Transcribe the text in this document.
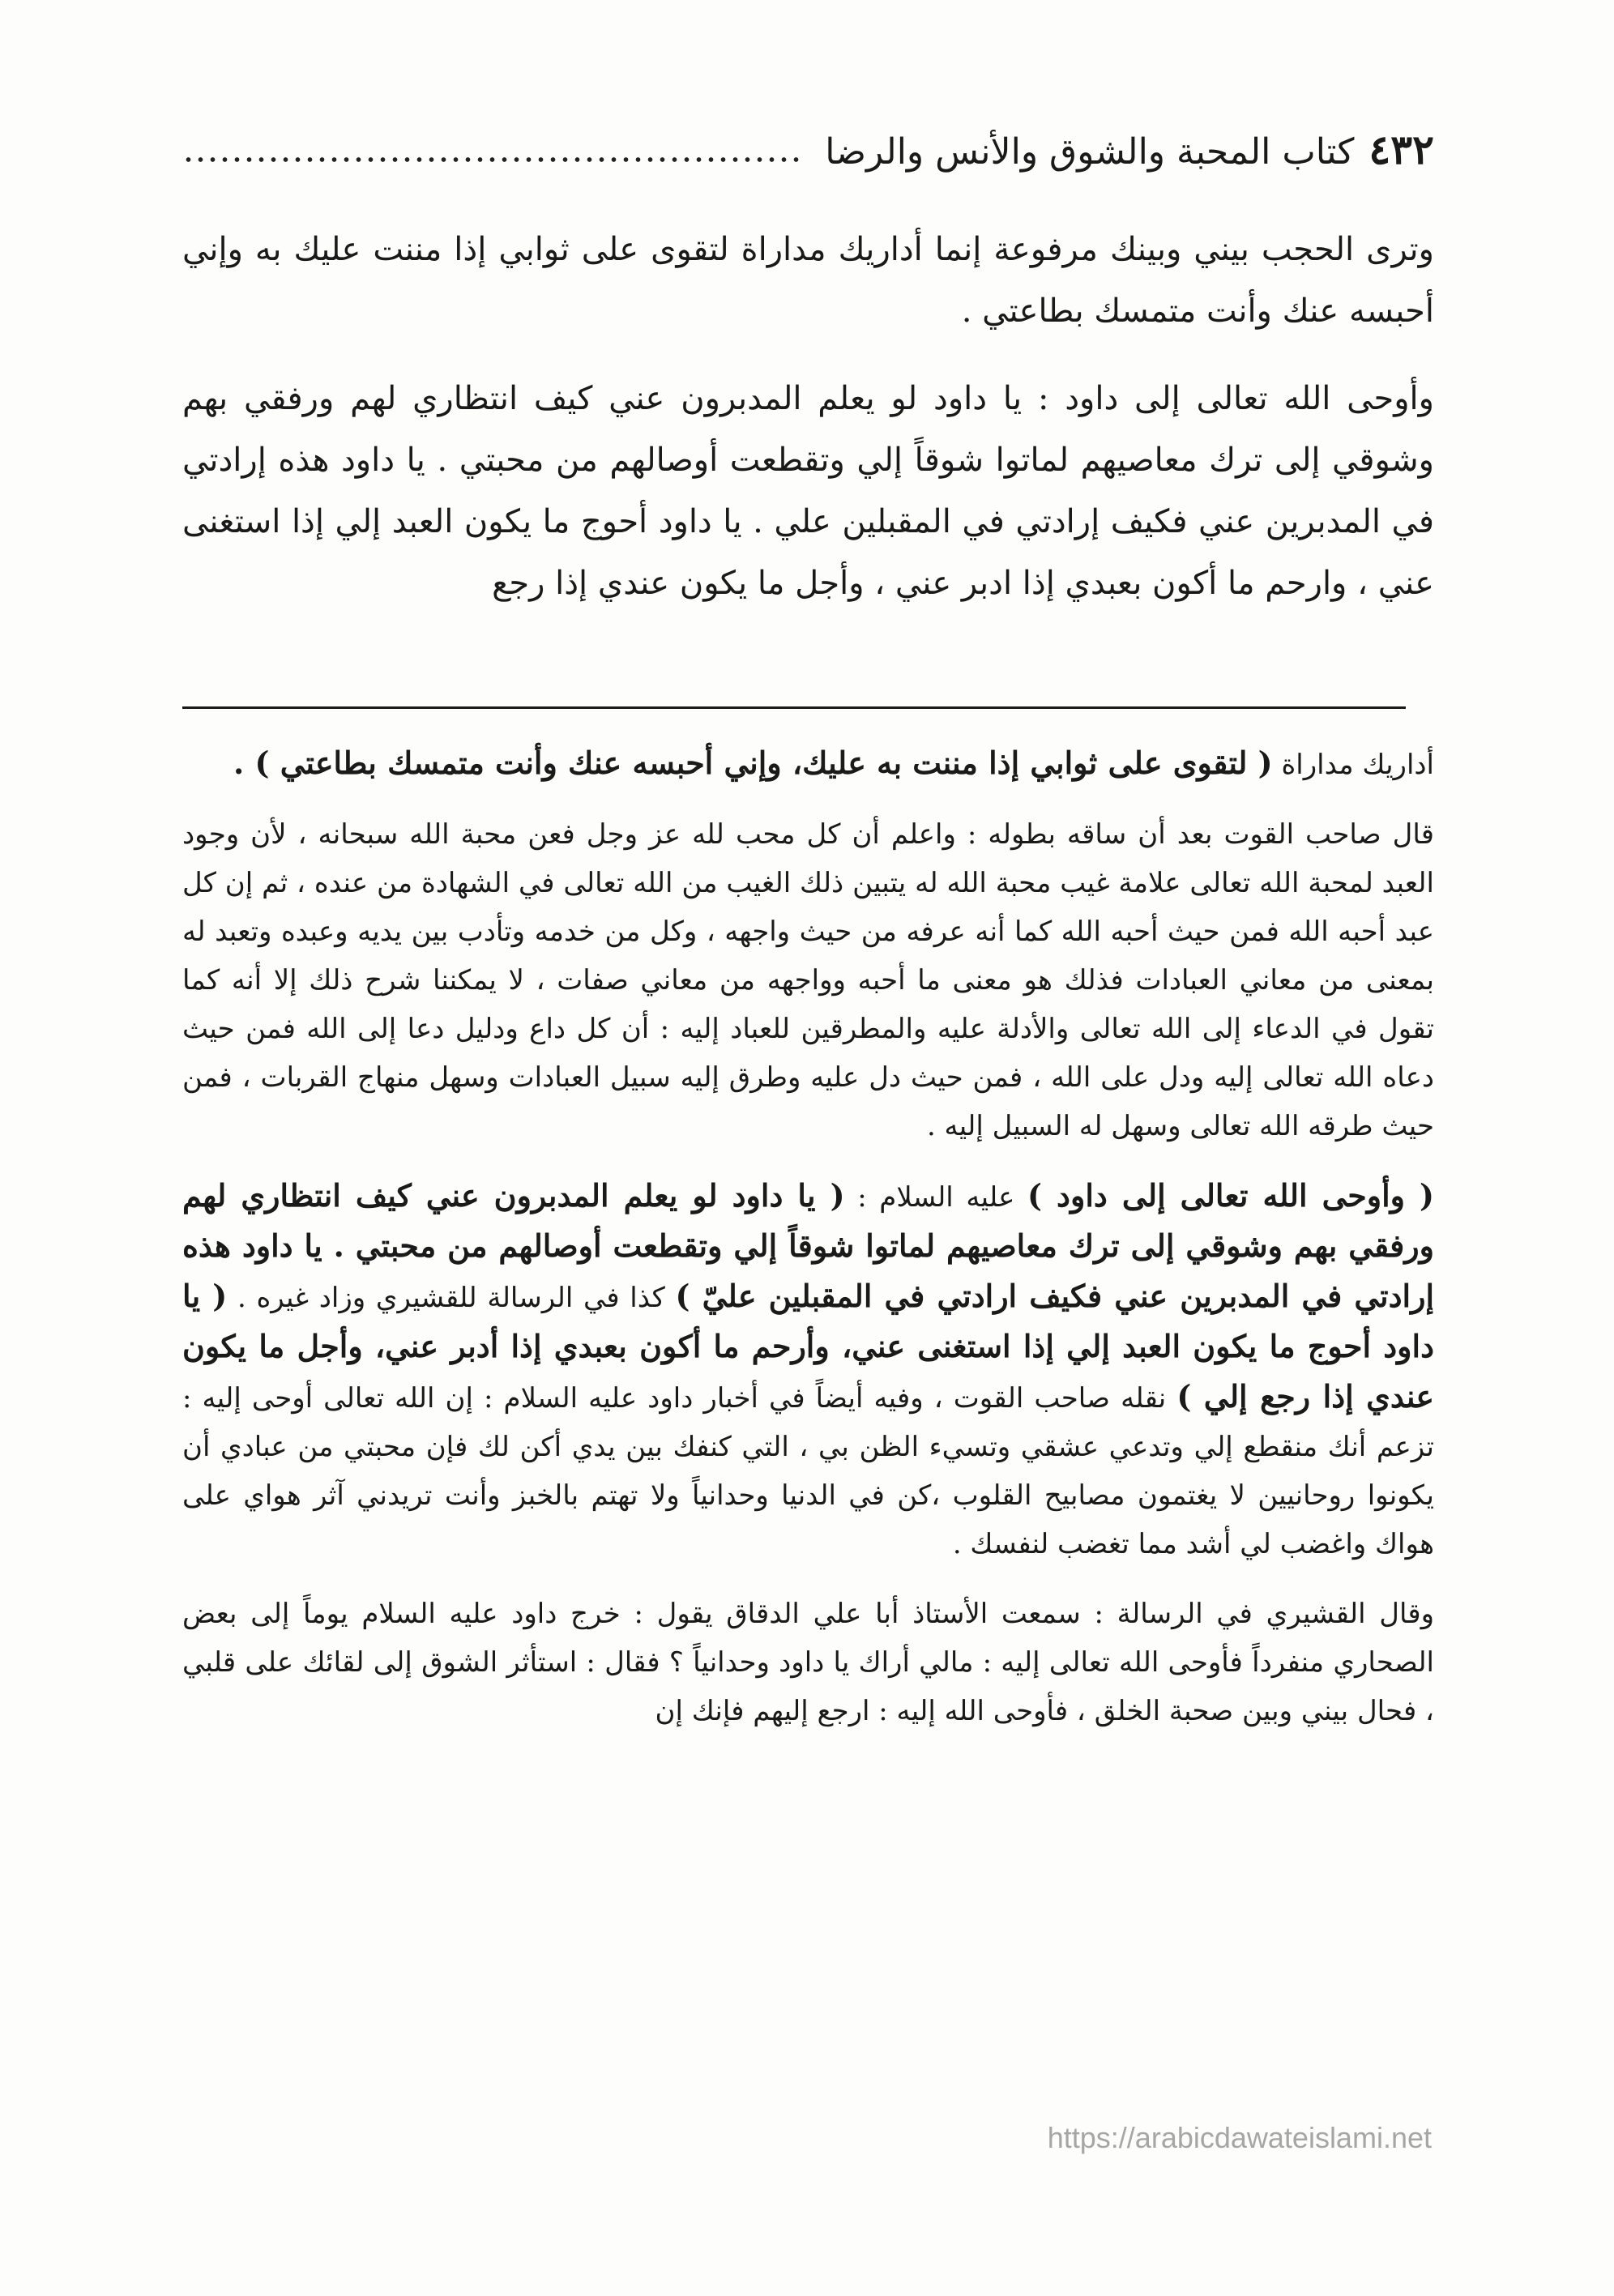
٤٣٢
كتاب المحبة والشوق والأنس والرضا

وترى الحجب بيني وبينك مرفوعة إنما أداريك مداراة لتقوى على ثوابي إذا مننت عليك به وإني أحبسه عنك وأنت متمسك بطاعتي .

وأوحى الله تعالى إلى داود : يا داود لو يعلم المدبرون عني كيف انتظاري لهم ورفقي بهم وشوقي إلى ترك معاصيهم لماتوا شوقاً إلي وتقطعت أوصالهم من محبتي . يا داود هذه إرادتي في المدبرين عني فكيف إرادتي في المقبلين علي . يا داود أحوج ما يكون العبد إلي إذا استغنى عني ، وارحم ما أكون بعبدي إذا ادبر عني ، وأجل ما يكون عندي إذا رجع

أداريك مداراة ( لتقوى على ثوابي إذا مننت به عليك، وإني أحبسه عنك وأنت متمسك بطاعتي ) .

قال صاحب القوت بعد أن ساقه بطوله : واعلم أن كل محب لله عز وجل فعن محبة الله سبحانه ، لأن وجود العبد لمحبة الله تعالى علامة غيب محبة الله له يتبين ذلك الغيب من الله تعالى في الشهادة من عنده ، ثم إن كل عبد أحبه الله فمن حيث أحبه الله كما أنه عرفه من حيث واجهه ، وكل من خدمه وتأدب بين يديه وعبده وتعبد له بمعنى من معاني العبادات فذلك هو معنى ما أحبه وواجهه من معاني صفات ، لا يمكننا شرح ذلك إلا أنه كما تقول في الدعاء إلى الله تعالى والأدلة عليه والمطرقين للعباد إليه : أن كل داع ودليل دعا إلى الله فمن حيث دعاه الله تعالى إليه ودل على الله ، فمن حيث دل عليه وطرق إليه سبيل العبادات وسهل منهاج القربات ، فمن حيث طرقه الله تعالى وسهل له السبيل إليه .

( وأوحى الله تعالى إلى داود ) عليه السلام : ( يا داود لو يعلم المدبرون عني كيف انتظاري لهم ورفقي بهم وشوقي إلى ترك معاصيهم لماتوا شوقاً إلي وتقطعت أوصالهم من محبتي . يا داود هذه إرادتي في المدبرين عني فكيف ارادتي في المقبلين عليّ ) كذا في الرسالة للقشيري وزاد غيره . ( يا داود أحوج ما يكون العبد إلي إذا استغنى عني، وأرحم ما أكون بعبدي إذا أدبر عني، وأجل ما يكون عندي إذا رجع إلي ) نقله صاحب القوت ، وفيه أيضاً في أخبار داود عليه السلام : إن الله تعالى أوحى إليه : تزعم أنك منقطع إلي وتدعي عشقي وتسيء الظن بي ، التي كنفك بين يدي أكن لك فإن محبتي من عبادي أن يكونوا روحانيين لا يغتمون مصابيح القلوب ،كن في الدنيا وحدانياً ولا تهتم بالخبز وأنت تريدني آثر هواي على هواك واغضب لي أشد مما تغضب لنفسك .

وقال القشيري في الرسالة : سمعت الأستاذ أبا علي الدقاق يقول : خرج داود عليه السلام يوماً إلى بعض الصحاري منفرداً فأوحى الله تعالى إليه : مالي أراك يا داود وحدانياً ؟ فقال : استأثر الشوق إلى لقائك على قلبي ، فحال بيني وبين صحبة الخلق ، فأوحى الله إليه : ارجع إليهم فإنك إن

https://arabicdawateislami.net
